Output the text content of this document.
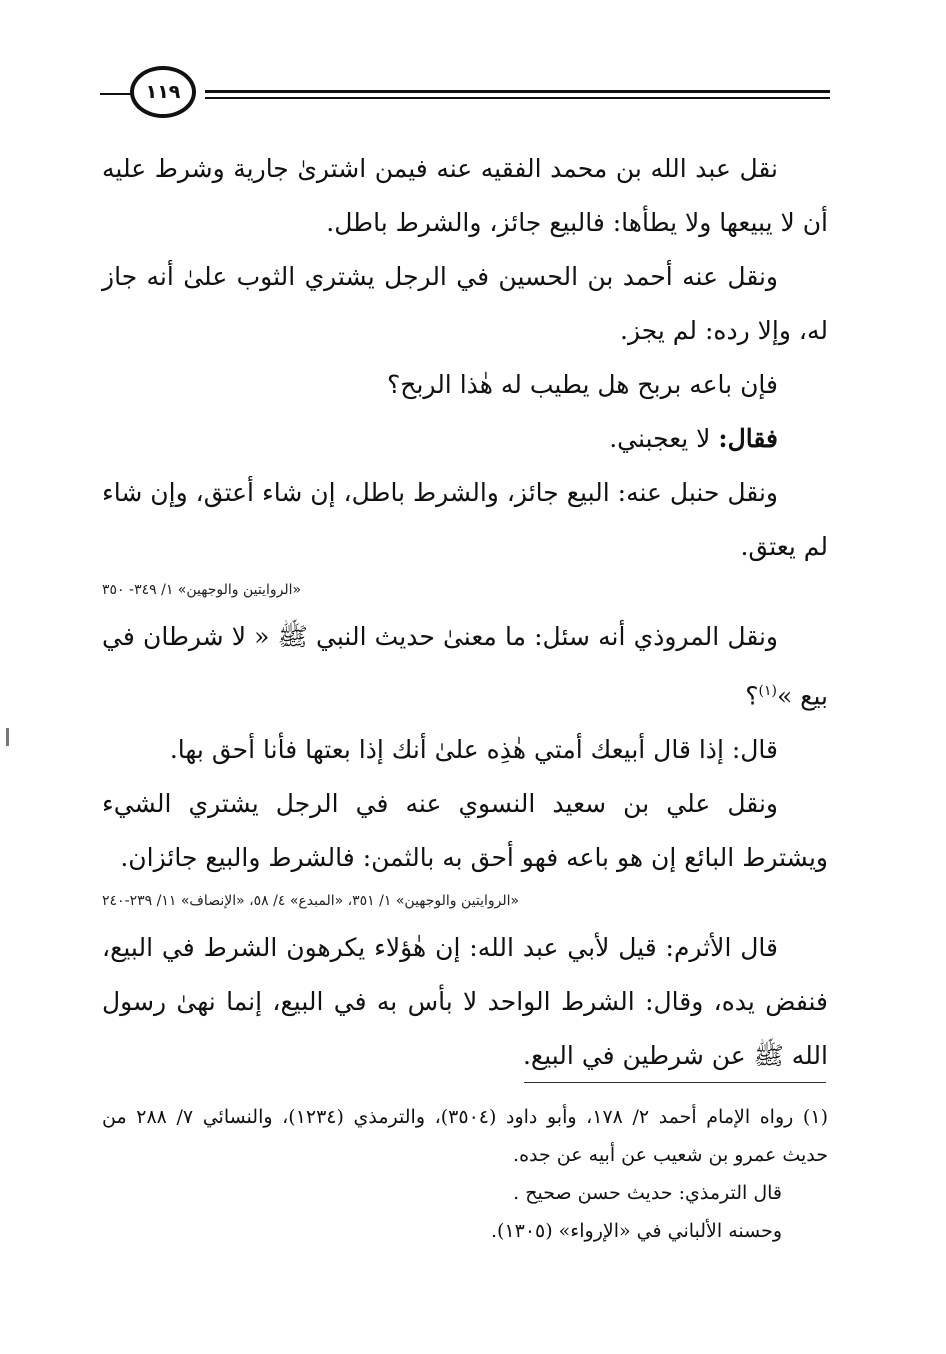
١١٩

نقل عبد الله بن محمد الفقيه عنه فيمن اشترىٰ جارية وشرط عليه أن لا يبيعها ولا يطأها: فالبيع جائز، والشرط باطل.

ونقل عنه أحمد بن الحسين في الرجل يشتري الثوب علىٰ أنه جاز له، وإلا رده: لم يجز.

فإن باعه بربح هل يطيب له هٰذا الربح؟

فقال: لا يعجبني.

ونقل حنبل عنه: البيع جائز، والشرط باطل، إن شاء أعتق، وإن شاء لم يعتق.

«الروايتين والوجهين» ١/ ٣٤٩- ٣٥٠

ونقل المروذي أنه سئل: ما معنىٰ حديث النبي ﷺ « لا شرطان في بيع »$^{(١)}$؟

قال: إذا قال أبيعك أمتي هٰذِه علىٰ أنك إذا بعتها فأنا أحق بها.

ونقل علي بن سعيد النسوي عنه في الرجل يشتري الشيء ويشترط البائع إن هو باعه فهو أحق به بالثمن: فالشرط والبيع جائزان.

«الروايتين والوجهين» ١/ ٣٥١، «المبدع» ٤/ ٥٨، «الإنصاف» ١١/ ٢٣٩-٢٤٠

قال الأثرم: قيل لأبي عبد الله: إن هٰؤلاء يكرهون الشرط في البيع، فنفض يده، وقال: الشرط الواحد لا بأس به في البيع، إنما نهىٰ رسول الله ﷺ عن شرطين في البيع.

(١) رواه الإمام أحمد ٢/ ١٧٨، وأبو داود (٣٥٠٤)، والترمذي (١٢٣٤)، والنسائي ٧/ ٢٨٨ من حديث عمرو بن شعيب عن أبيه عن جده.

قال الترمذي: حديث حسن صحيح .

وحسنه الألباني في «الإرواء» (١٣٠٥).
